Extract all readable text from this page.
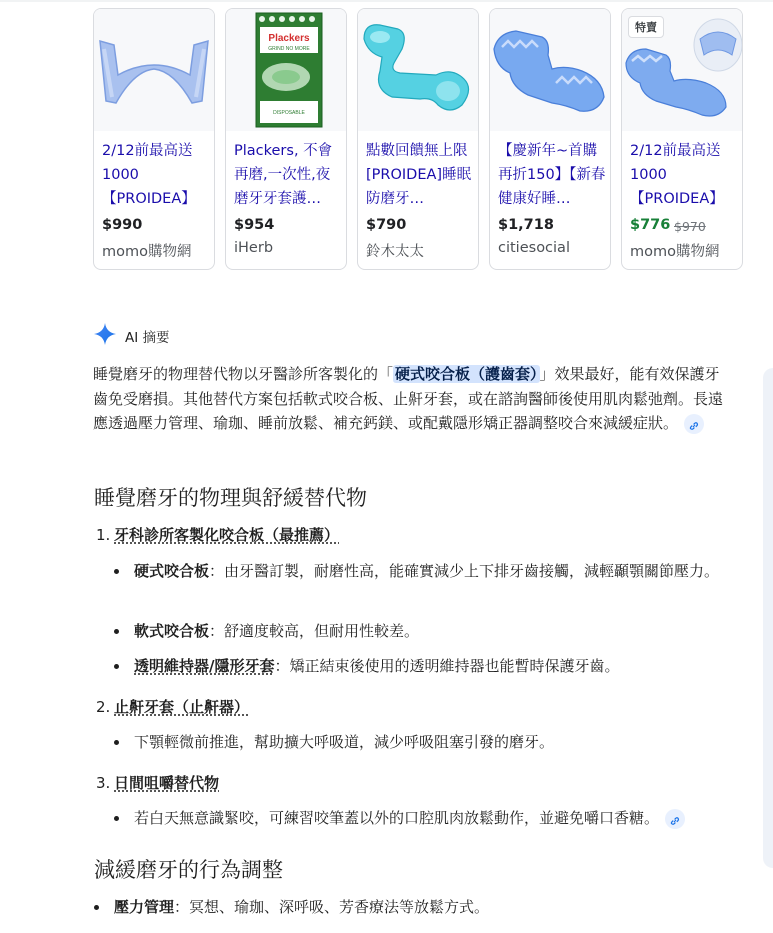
2/12前最高送1000【PROIDEA】
$990
momo購物網
Plackers
GRIND NO MORE
DISPOSABLE
Plackers, 不會再磨,一次性,夜磨牙牙套護…
$954
iHerb
點數回饋無上限 [PROIDEA]睡眠防磨牙…
$790
鈴木太太
【慶新年~首購再折150】【新春健康好睡…
$1,718
citiesocial
特賣
2/12前最高送1000【PROIDEA】
$776 $970
momo購物網
AI 摘要

睡覺磨牙的物理替代物以牙醫診所客製化的「 硬式咬合板（護齒套） 」效果最好，能有效保護牙齒免受磨損。其他替代方案包括軟式咬合板、止鼾牙套，或在諮詢醫師後使用肌肉鬆弛劑。長遠應透過壓力管理、瑜珈、睡前放鬆、補充鈣鎂、或配戴隱形矯正器調整咬合來減緩症狀。

睡覺磨牙的物理與舒緩替代物
1. 牙科診所客製化咬合板（最推薦）
硬式咬合板：由牙醫訂製，耐磨性高，能確實減少上下排牙齒接觸，減輕顳顎關節壓力。
軟式咬合板：舒適度較高，但耐用性較差。
透明維持器/隱形牙套：矯正結束後使用的透明維持器也能暫時保護牙齒。
2. 止鼾牙套（止鼾器）
下顎輕微前推進，幫助擴大呼吸道，減少呼吸阻塞引發的磨牙。
3. 日間咀嚼替代物
若白天無意識緊咬，可練習咬筆蓋以外的口腔肌肉放鬆動作，並避免嚼口香糖。
減緩磨牙的行為調整
壓力管理：冥想、瑜珈、深呼吸、芳香療法等放鬆方式。
